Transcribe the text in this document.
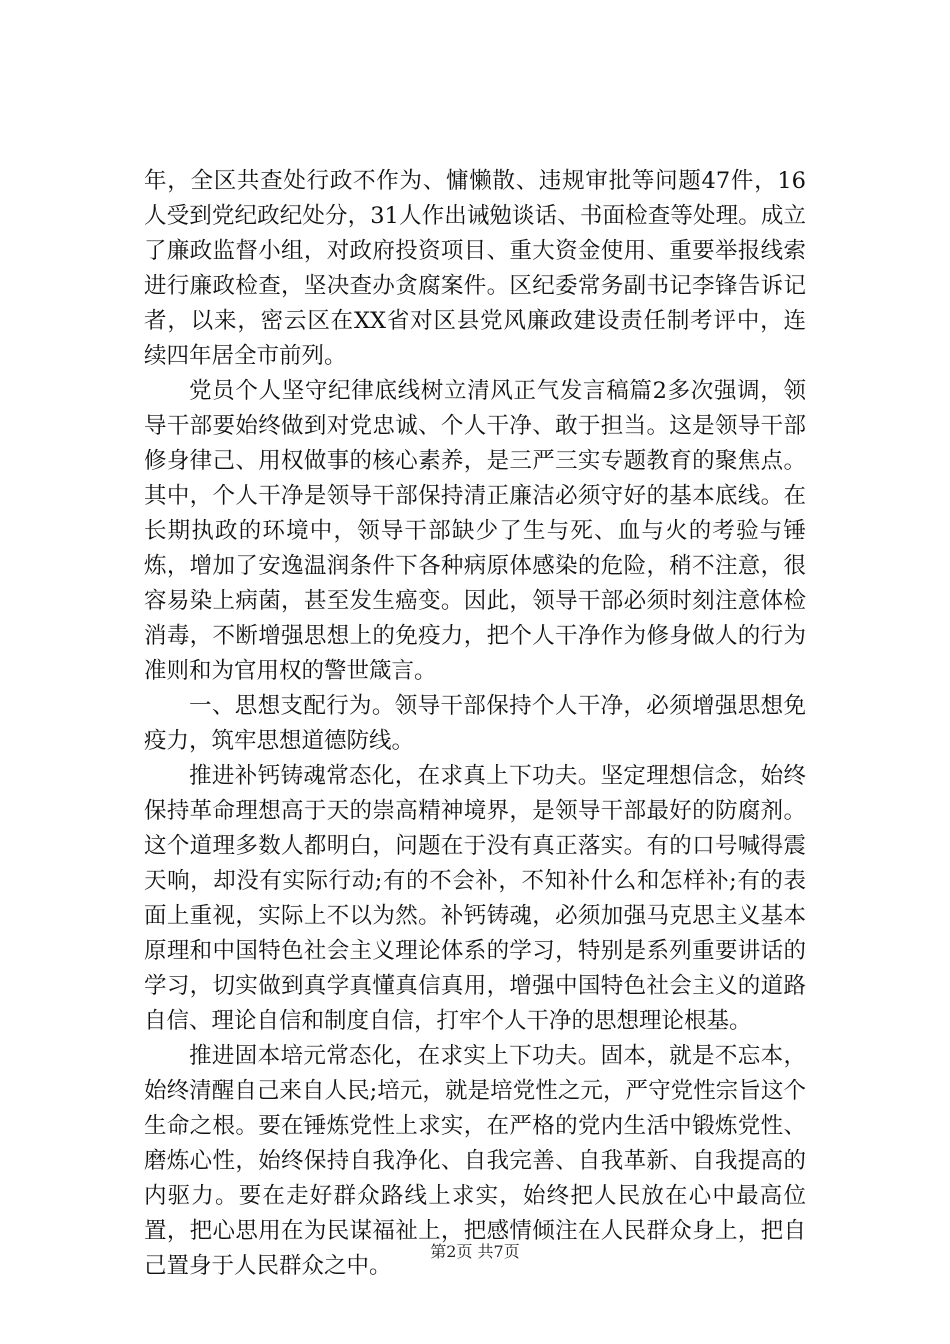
年，全区共查处行政不作为、慵懒散、违规审批等问题47件，16人受到党纪政纪处分，31人作出诫勉谈话、书面检查等处理。成立了廉政监督小组，对政府投资项目、重大资金使用、重要举报线索进行廉政检查，坚决查办贪腐案件。区纪委常务副书记李锋告诉记者，以来，密云区在XX省对区县党风廉政建设责任制考评中，连续四年居全市前列。

党员个人坚守纪律底线树立清风正气发言稿篇2多次强调，领导干部要始终做到对党忠诚、个人干净、敢于担当。这是领导干部修身律己、用权做事的核心素养，是三严三实专题教育的聚焦点。其中，个人干净是领导干部保持清正廉洁必须守好的基本底线。在长期执政的环境中，领导干部缺少了生与死、血与火的考验与锤炼，增加了安逸温润条件下各种病原体感染的危险，稍不注意，很容易染上病菌，甚至发生癌变。因此，领导干部必须时刻注意体检消毒，不断增强思想上的免疫力，把个人干净作为修身做人的行为准则和为官用权的警世箴言。

一、思想支配行为。领导干部保持个人干净，必须增强思想免疫力，筑牢思想道德防线。

推进补钙铸魂常态化，在求真上下功夫。坚定理想信念，始终保持革命理想高于天的崇高精神境界，是领导干部最好的防腐剂。这个道理多数人都明白，问题在于没有真正落实。有的口号喊得震天响，却没有实际行动;有的不会补，不知补什么和怎样补;有的表面上重视，实际上不以为然。补钙铸魂，必须加强马克思主义基本原理和中国特色社会主义理论体系的学习，特别是系列重要讲话的学习，切实做到真学真懂真信真用，增强中国特色社会主义的道路自信、理论自信和制度自信，打牢个人干净的思想理论根基。

推进固本培元常态化，在求实上下功夫。固本，就是不忘本，始终清醒自己来自人民;培元，就是培党性之元，严守党性宗旨这个生命之根。要在锤炼党性上求实，在严格的党内生活中锻炼党性、磨炼心性，始终保持自我净化、自我完善、自我革新、自我提高的内驱力。要在走好群众路线上求实，始终把人民放在心中最高位置，把心思用在为民谋福祉上，把感情倾注在人民群众身上，把自己置身于人民群众之中。

第2页 共7页
